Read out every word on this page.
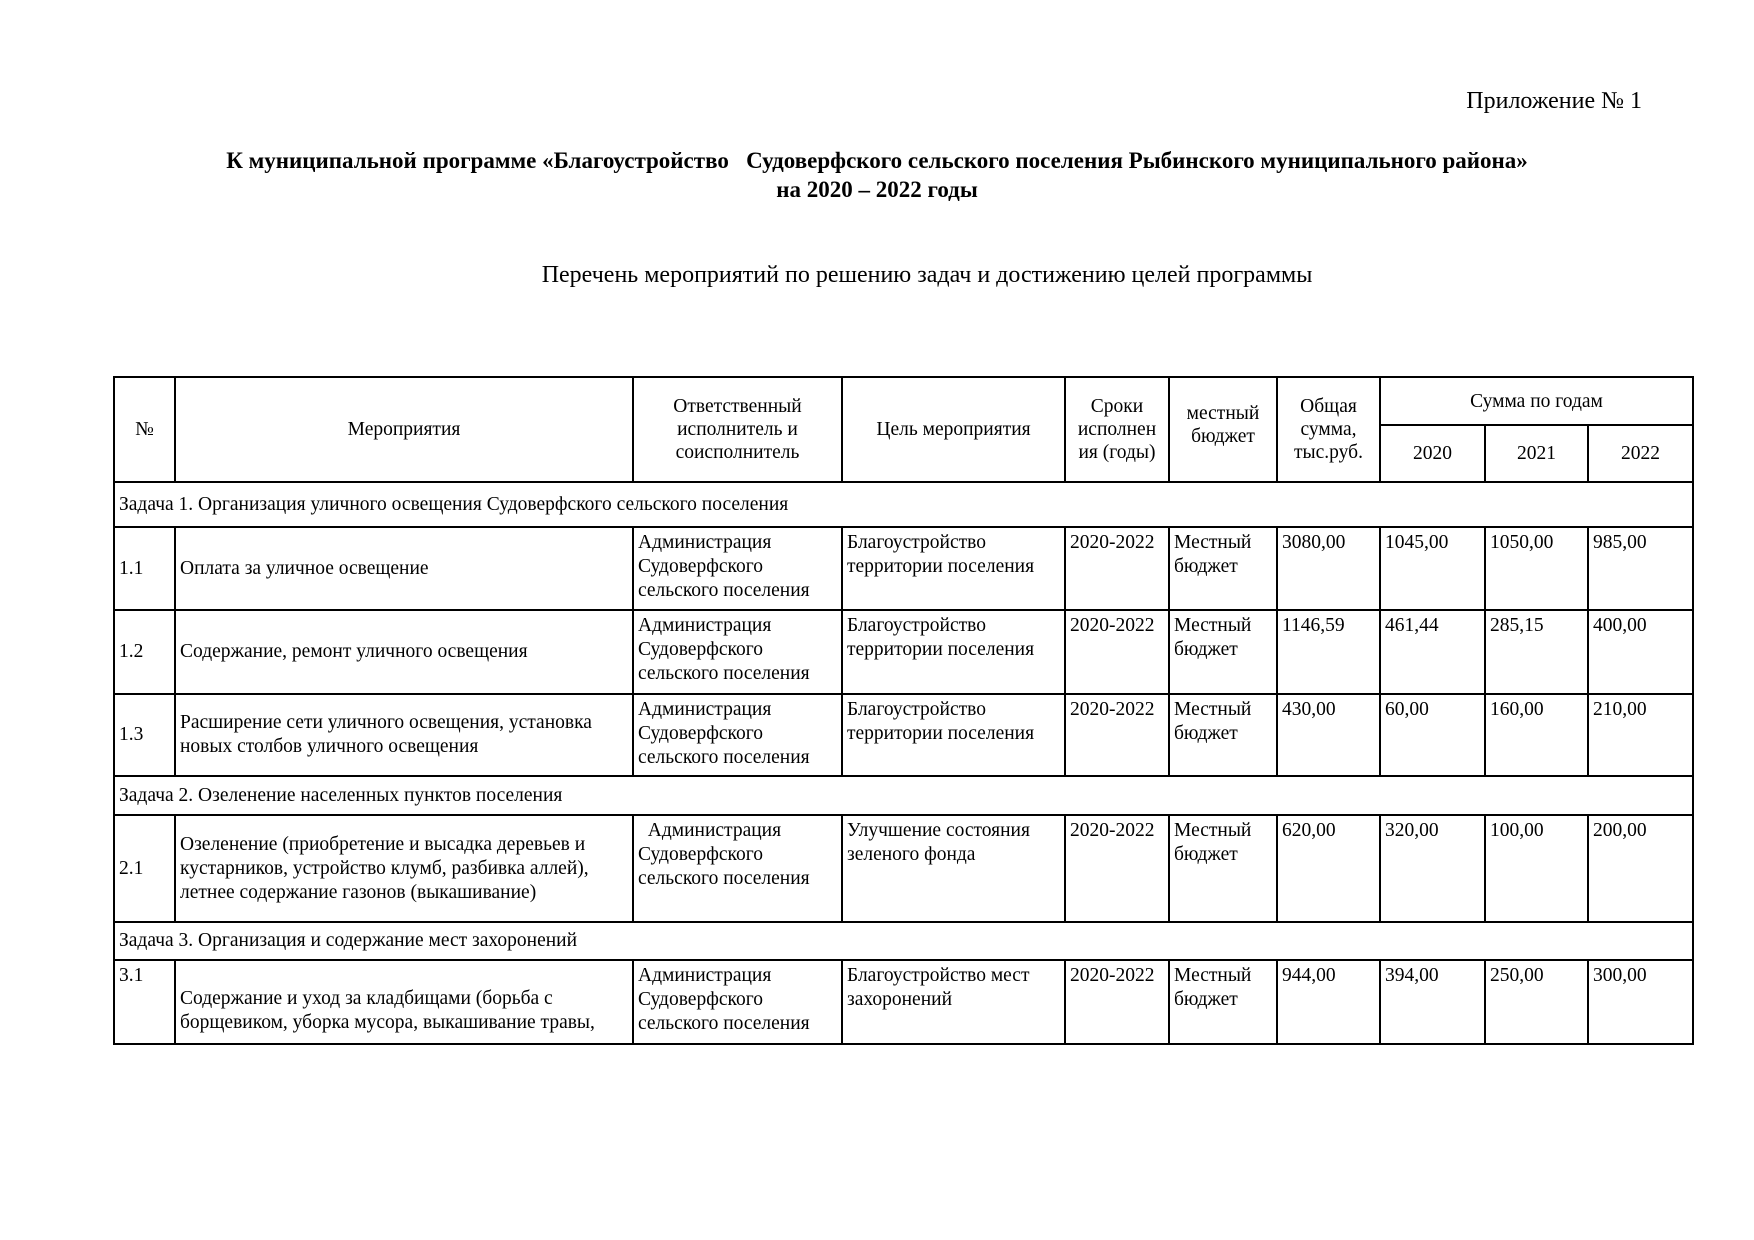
Приложение № 1
К муниципальной программе «Благоустройство   Судоверфского сельского поселения Рыбинского муниципального района»
на 2020 – 2022 годы
Перечень мероприятий по решению задач и достижению целей программы
№	Мероприятия	Ответственный исполнитель и соисполнитель	Цель мероприятия	Сроки исполнен ия (годы)	местный бюджет	Общая сумма, тыс.руб.	Сумма по годам		
							2020	2021	2022
Задача 1. Организация уличного освещения Судоверфского сельского поселения									
1.1	Оплата за уличное освещение	Администрация Судоверфского сельского поселения	Благоустройство территории поселения	2020-2022	Местный бюджет	3080,00	1045,00	1050,00	985,00
1.2	Содержание, ремонт уличного освещения	Администрация Судоверфского сельского поселения	Благоустройство территории поселения	2020-2022	Местный бюджет	1146,59	461,44	285,15	400,00
1.3	Расширение сети уличного освещения, установка новых столбов уличного освещения	Администрация Судоверфского сельского поселения	Благоустройство территории поселения	2020-2022	Местный бюджет	430,00	60,00	160,00	210,00
Задача 2. Озеленение населенных пунктов поселения									
2.1	Озеленение (приобретение и высадка деревьев и кустарников, устройство клумб, разбивка аллей), летнее содержание газонов (выкашивание)	Администрация Судоверфского сельского поселения	Улучшение состояния зеленого фонда	2020-2022	Местный бюджет	620,00	320,00	100,00	200,00
Задача 3. Организация и содержание мест захоронений									
3.1	Содержание и уход за кладбищами (борьба с борщевиком, уборка мусора, выкашивание травы,	Администрация Судоверфского сельского поселения	Благоустройство мест захоронений	2020-2022	Местный бюджет	944,00	394,00	250,00	300,00
